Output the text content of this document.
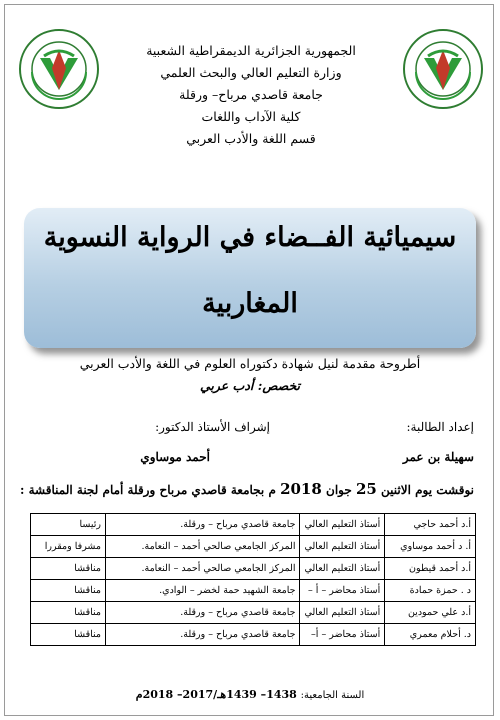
الجمهورية الجزائرية الديمقراطية الشعبية
وزارة التعليم العالي والبحث العلمي
جامعة قاصدي مرباح– ورقلة
كلية الآداب واللغات
قسم اللغة والأدب العربي
سيميائية الفــضاء في الرواية النسوية
المغاربية
أطروحة مقدمة لنيل شهادة دكتوراه العلوم في اللغة والأدب العربي
تخصص: أدب عربي
إعداد الطالبة:
إشراف الأستاذ الدكتور:
سهيلة بن عمر
أحمد موساوي
نوقشت يوم الاثنين 25 جوان 2018 م بجامعة قاصدي مرباح ورقلة أمام لجنة المناقشة :
أ.د أحمد حاجي	أستاذ التعليم العالي	جامعة قاصدي مرباح – ورقلة.	رئيسا
أ. د أحمد موساوي	أستاذ التعليم العالي	المركز الجامعي صالحي أحمد – النعامة.	مشرفا ومقررا
أ.د أحمد قيطون	أستاذ التعليم العالي	المركز الجامعي صالحي أحمد – النعامة.	مناقشا
د . حمزة حمادة	أستاذ محاضر – أ –	جامعة الشهيد حمة لخضر – الوادي.	مناقشا
أ.د علي حمودين	أستاذ التعليم العالي	جامعة قاصدي مرباح – ورقلة.	مناقشا
د. أحلام معمري	أستاذ محاضر – أ–	جامعة قاصدي مرباح – ورقلة.	مناقشا
السنة الجامعية: 1438– 1439هـ/2017– 2018م
